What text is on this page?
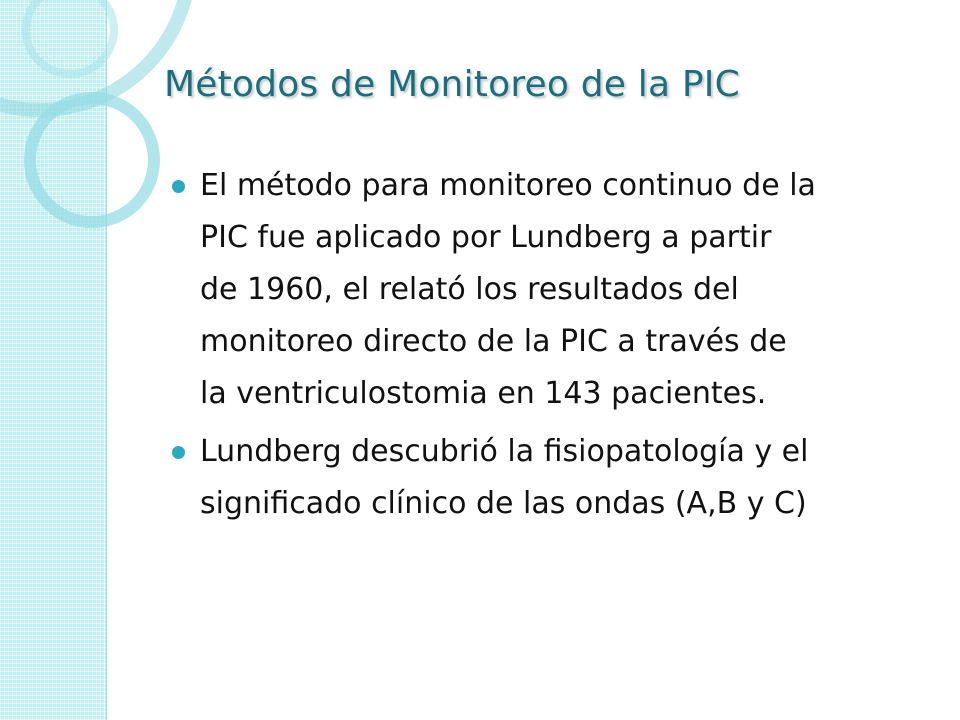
Métodos de Monitoreo de la PIC
El método para monitoreo continuo de la
PIC fue aplicado por Lundberg a partir
de 1960, el relató los resultados del
monitoreo directo de la PIC a través de
la ventriculostomia en 143 pacientes.
Lundberg descubrió la fisiopatología y el
significado clínico de las ondas (A,B y C)
